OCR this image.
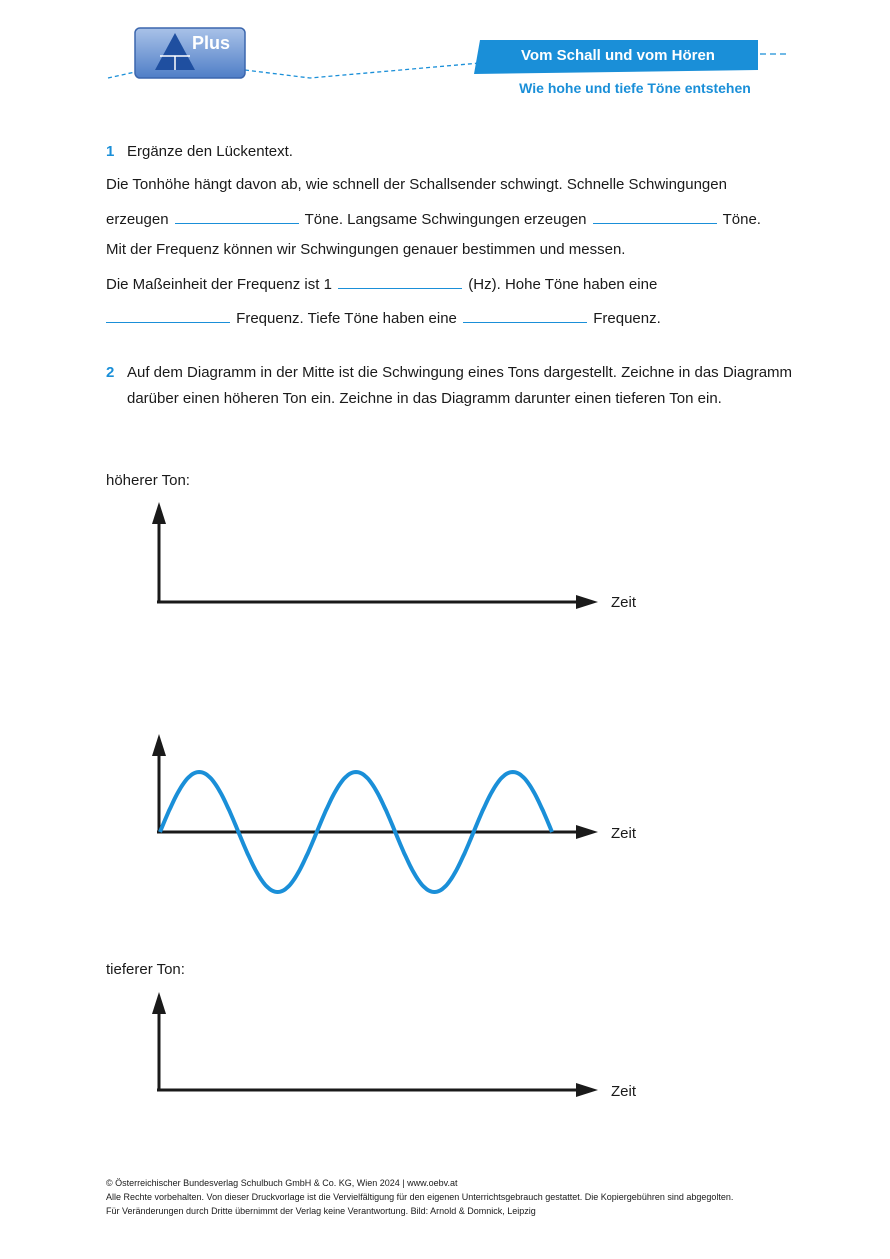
Plus
Vom Schall und vom Hören
Wie hohe und tiefe Töne entstehen
1 Ergänze den Lückentext.
Die Tonhöhe hängt davon ab, wie schnell der Schallsender schwingt. Schnelle Schwingungen
erzeugen	Töne. Langsame Schwingungen erzeugen	Töne.
Mit der Frequenz können wir Schwingungen genauer bestimmen und messen.
Die Maßeinheit der Frequenz ist 1	(Hz). Hohe Töne haben eine
Frequenz. Tiefe Töne haben eine	Frequenz.
2 Auf dem Diagramm in der Mitte ist die Schwingung eines Tons dargestellt. Zeichne in das Diagramm darüber einen höheren Ton ein. Zeichne in das Diagramm darunter einen tieferen Ton ein.
höherer Ton:
tieferer Ton:
Zeit
Zeit
Zeit
© Österreichischer Bundesverlag Schulbuch GmbH & Co. KG, Wien 2024 | www.oebv.at
Alle Rechte vorbehalten. Von dieser Druckvorlage ist die Vervielfältigung für den eigenen Unterrichtsgebrauch gestattet. Die Kopiergebühren sind abgegolten.
Für Veränderungen durch Dritte übernimmt der Verlag keine Verantwortung. Bild: Arnold & Domnick, Leipzig
